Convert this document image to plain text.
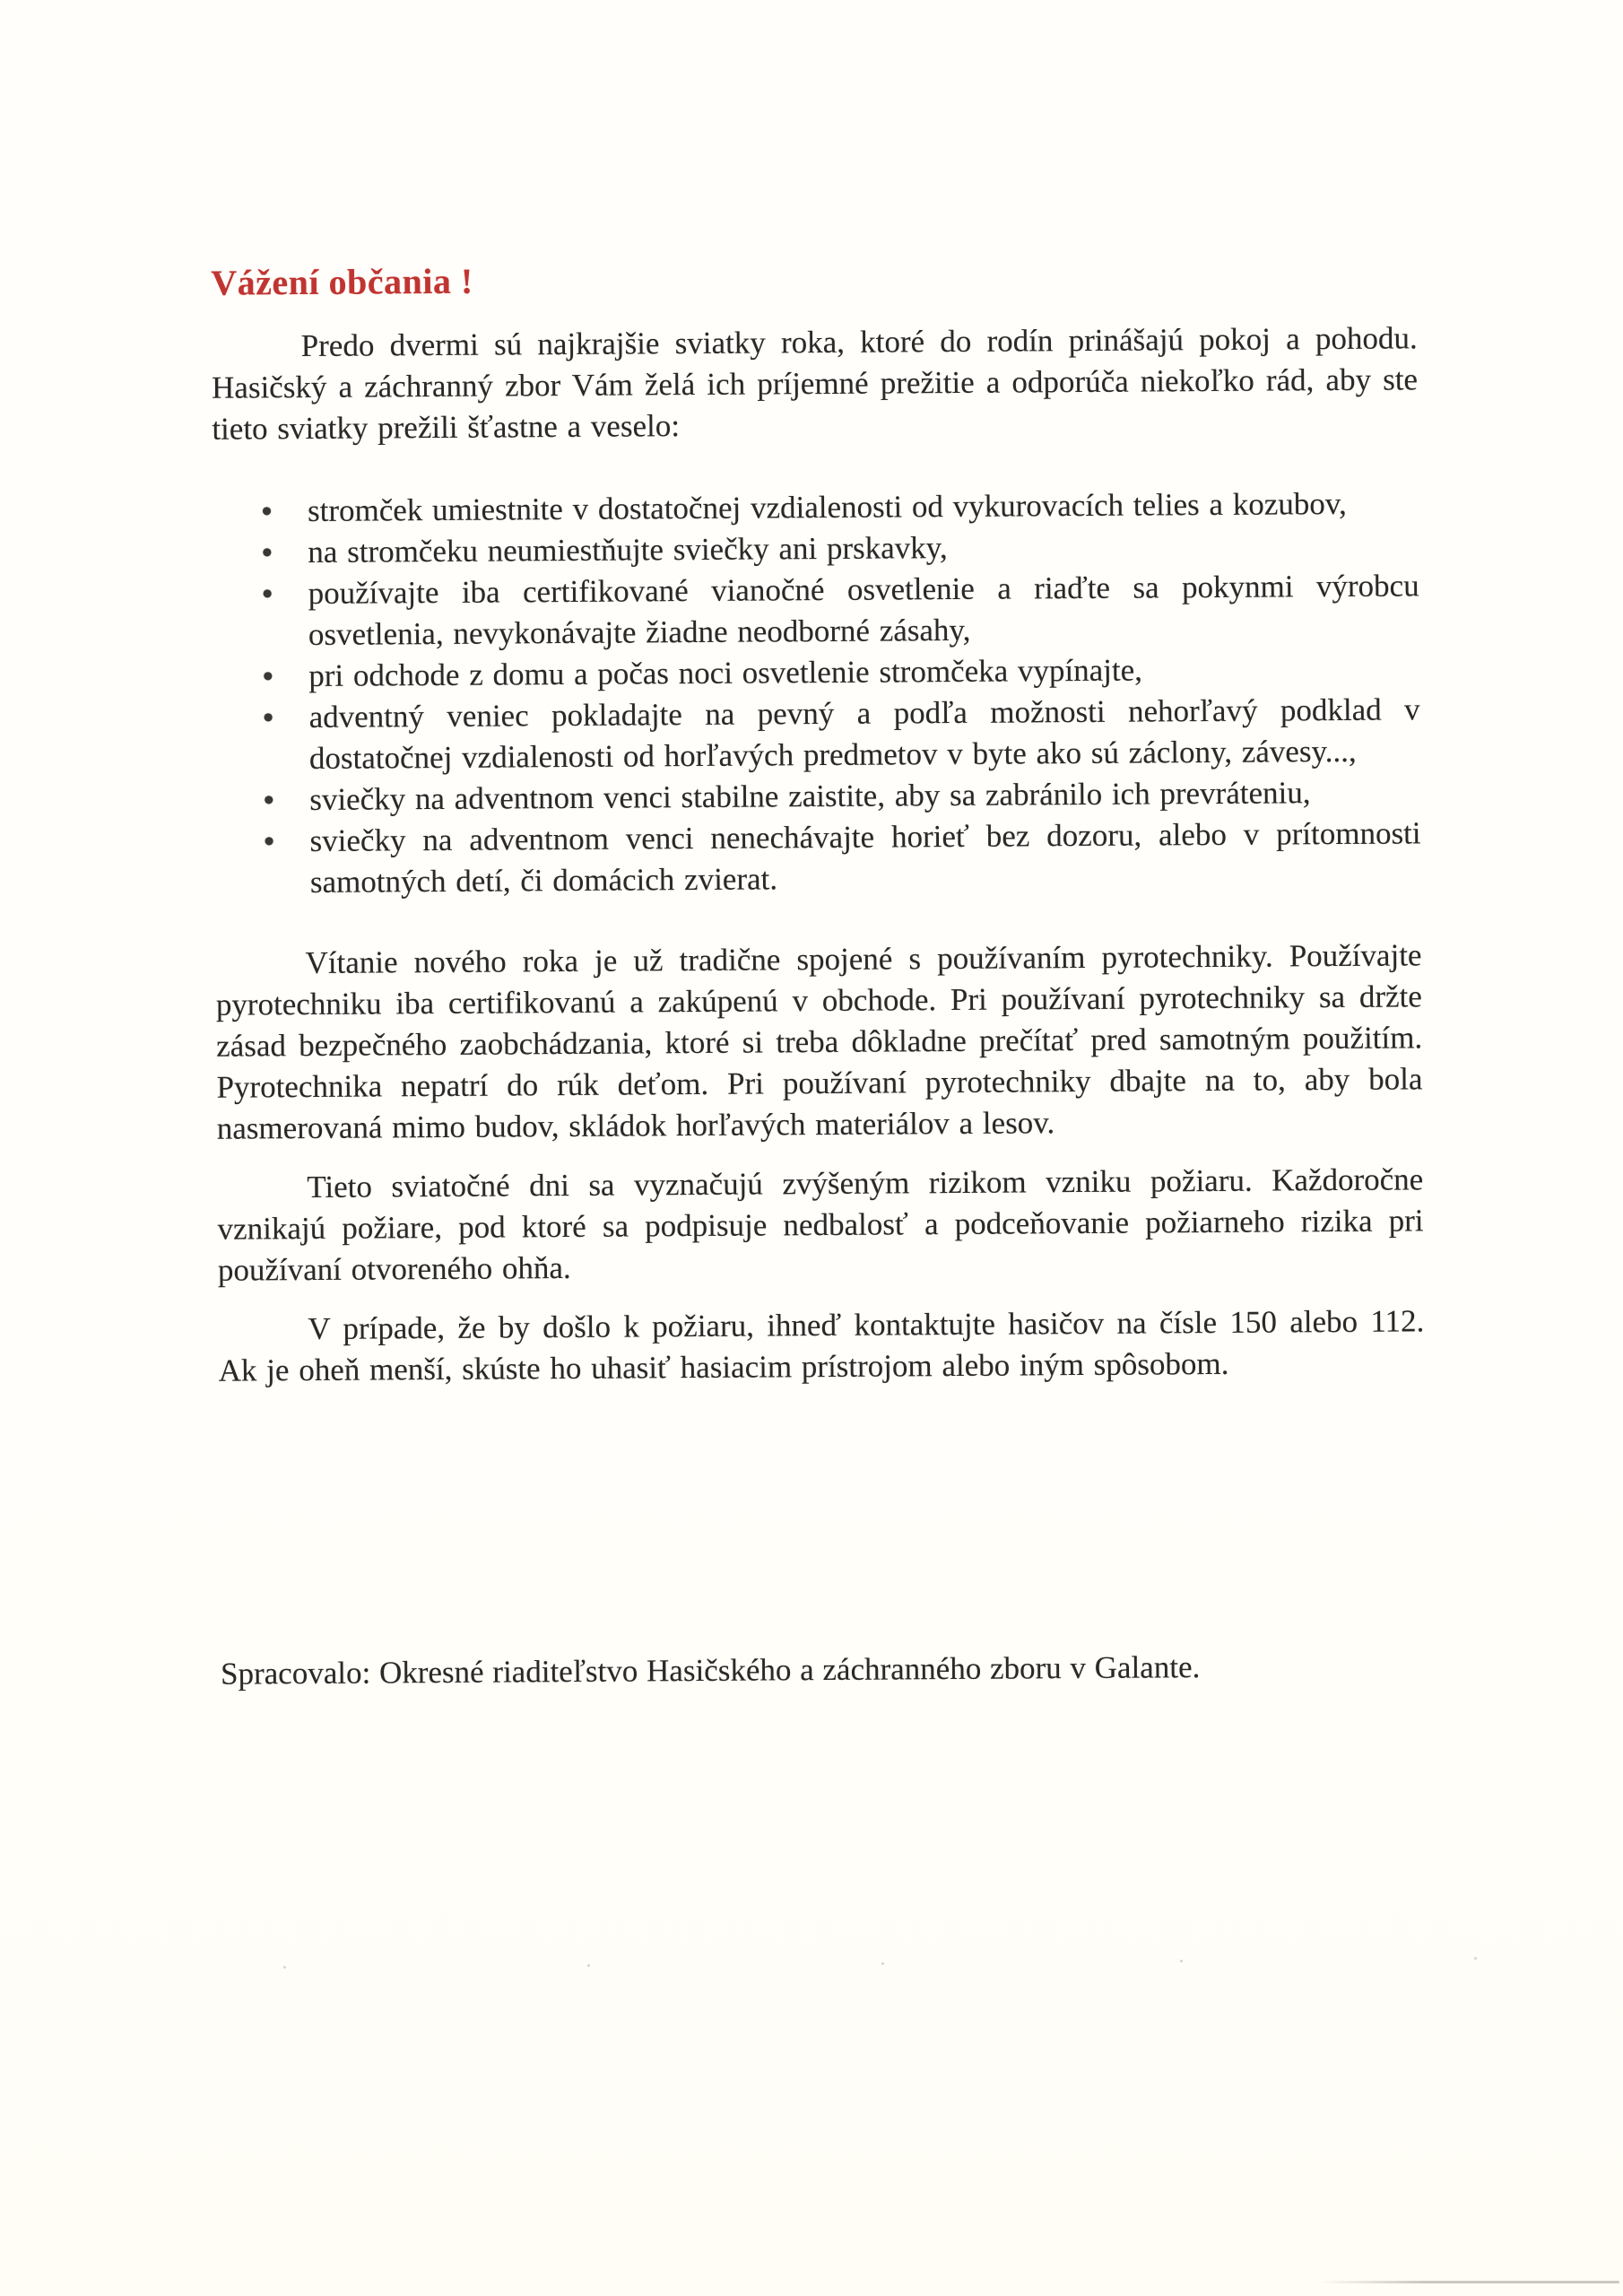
Vážení občania !

Predo dvermi sú najkrajšie sviatky roka, ktoré do rodín prinášajú pokoj a pohodu. Hasičský a záchranný zbor Vám želá ich príjemné prežitie a odporúča niekoľko rád, aby ste tieto sviatky prežili šťastne a veselo:

stromček umiestnite v dostatočnej vzdialenosti od vykurovacích telies a kozubov,
na stromčeku neumiestňujte sviečky ani prskavky,
používajte iba certifikované vianočné osvetlenie a riaďte sa pokynmi výrobcu osvetlenia, nevykonávajte žiadne neodborné zásahy,
pri odchode z domu a počas noci osvetlenie stromčeka vypínajte,
adventný veniec pokladajte na pevný a podľa možnosti nehorľavý podklad v dostatočnej vzdialenosti od horľavých predmetov v byte ako sú záclony, závesy...,
sviečky na adventnom venci stabilne zaistite, aby sa zabránilo ich prevráteniu,
sviečky na adventnom venci nenechávajte horieť bez dozoru, alebo v prítomnosti samotných detí, či domácich zvierat.

Vítanie nového roka je už tradične spojené s používaním pyrotechniky. Používajte pyrotechniku iba certifikovanú a zakúpenú v obchode. Pri používaní pyrotechniky sa držte zásad bezpečného zaobchádzania, ktoré si treba dôkladne prečítať pred samotným použitím. Pyrotechnika nepatrí do rúk deťom. Pri používaní pyrotechniky dbajte na to, aby bola nasmerovaná mimo budov, skládok horľavých materiálov a lesov.

Tieto sviatočné dni sa vyznačujú zvýšeným rizikom vzniku požiaru. Každoročne vznikajú požiare, pod ktoré sa podpisuje nedbalosť a podceňovanie požiarneho rizika pri používaní otvoreného ohňa.

V prípade, že by došlo k požiaru, ihneď kontaktujte hasičov na čísle 150 alebo 112. Ak je oheň menší, skúste ho uhasiť hasiacim prístrojom alebo iným spôsobom.

Spracovalo: Okresné riaditeľstvo Hasičského a záchranného zboru v Galante.
